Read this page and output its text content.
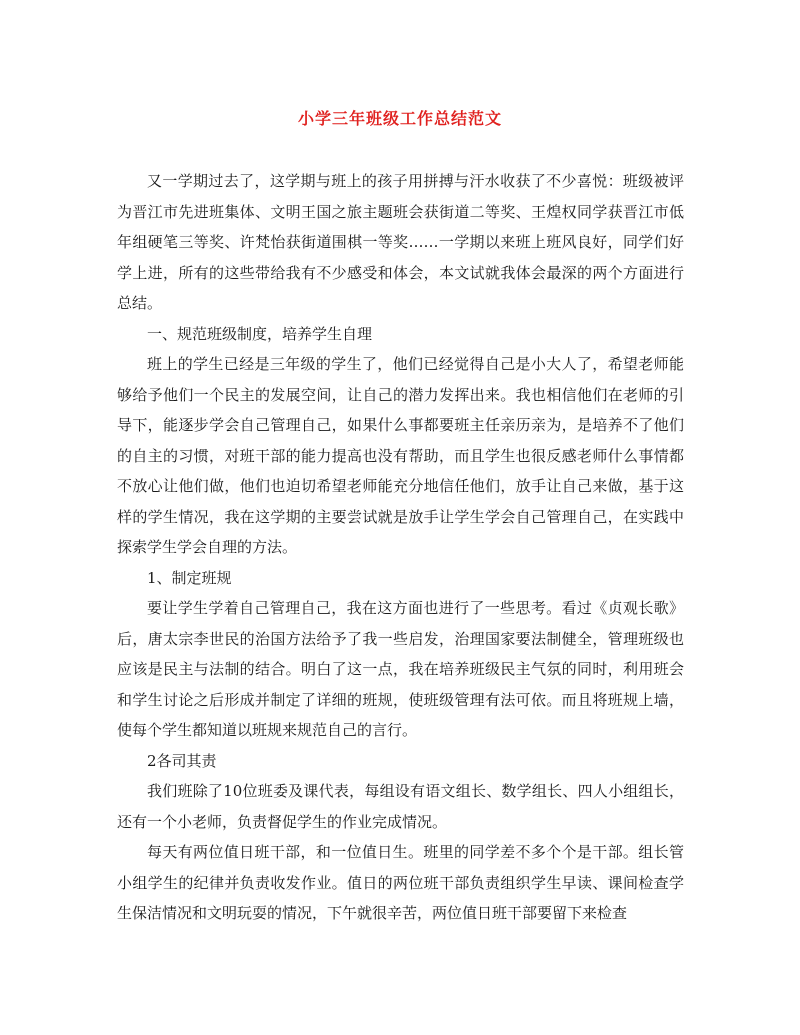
小学三年班级工作总结范文

又一学期过去了，这学期与班上的孩子用拼搏与汗水收获了不少喜悦：班级被评为晋江市先进班集体、文明王国之旅主题班会获街道二等奖、王煌权同学获晋江市低年组硬笔三等奖、许梵怡获街道围棋一等奖……一学期以来班上班风良好，同学们好学上进，所有的这些带给我有不少感受和体会，本文试就我体会最深的两个方面进行总结。

一、规范班级制度，培养学生自理

班上的学生已经是三年级的学生了，他们已经觉得自己是小大人了，希望老师能够给予他们一个民主的发展空间，让自己的潜力发挥出来。我也相信他们在老师的引导下，能逐步学会自己管理自己，如果什么事都要班主任亲历亲为，是培养不了他们的自主的习惯，对班干部的能力提高也没有帮助，而且学生也很反感老师什么事情都不放心让他们做，他们也迫切希望老师能充分地信任他们，放手让自己来做，基于这样的学生情况，我在这学期的主要尝试就是放手让学生学会自己管理自己，在实践中探索学生学会自理的方法。

1、制定班规

要让学生学着自己管理自己，我在这方面也进行了一些思考。看过《贞观长歌》后，唐太宗李世民的治国方法给予了我一些启发，治理国家要法制健全，管理班级也应该是民主与法制的结合。明白了这一点，我在培养班级民主气氛的同时，利用班会和学生讨论之后形成并制定了详细的班规，使班级管理有法可依。而且将班规上墙，使每个学生都知道以班规来规范自己的言行。

2各司其责

我们班除了10位班委及课代表，每组设有语文组长、数学组长、四人小组组长，还有一个小老师，负责督促学生的作业完成情况。

每天有两位值日班干部，和一位值日生。班里的同学差不多个个是干部。组长管小组学生的纪律并负责收发作业。值日的两位班干部负责组织学生早读、课间检查学生保洁情况和文明玩耍的情况，下午就很辛苦，两位值日班干部要留下来检查
